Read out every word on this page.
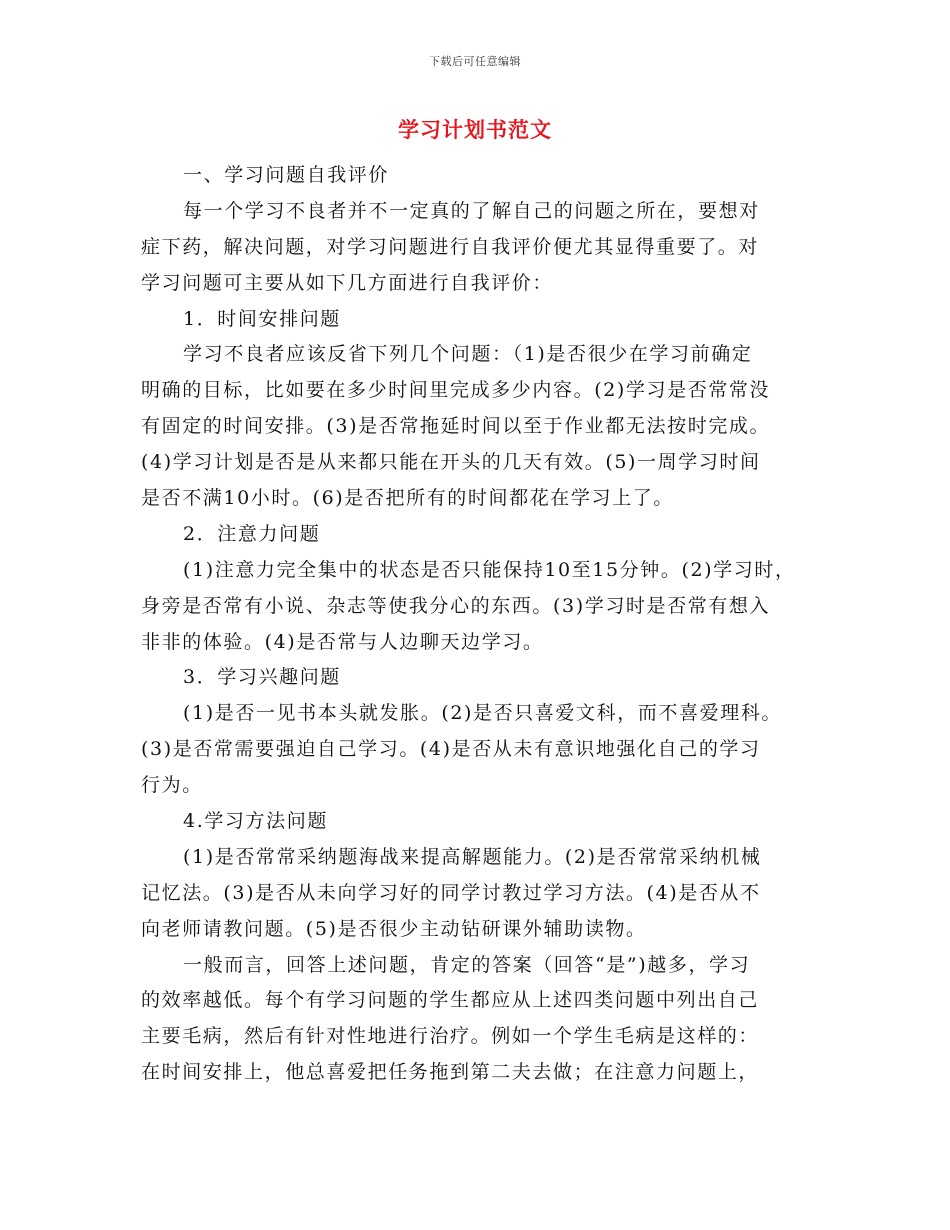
下载后可任意编辑
学习计划书范文
一、学习问题自我评价
每一个学习不良者并不一定真的了解自己的问题之所在，要想对
症下药，解决问题，对学习问题进行自我评价便尤其显得重要了。对
学习问题可主要从如下几方面进行自我评价：
1．时间安排问题
学习不良者应该反省下列几个问题：（1)是否很少在学习前确定
明确的目标，比如要在多少时间里完成多少内容。(2)学习是否常常没
有固定的时间安排。(3)是否常拖延时间以至于作业都无法按时完成。
(4)学习计划是否是从来都只能在开头的几天有效。(5)一周学习时间
是否不满10小时。(6)是否把所有的时间都花在学习上了。
2．注意力问题
(1)注意力完全集中的状态是否只能保持10至15分钟。(2)学习时，
身旁是否常有小说、杂志等使我分心的东西。(3)学习时是否常有想入
非非的体验。(4)是否常与人边聊天边学习。
3．学习兴趣问题
(1)是否一见书本头就发胀。(2)是否只喜爱文科，而不喜爱理科。
(3)是否常需要强迫自己学习。(4)是否从未有意识地强化自己的学习
行为。
4.学习方法问题
(1)是否常常采纳题海战来提高解题能力。(2)是否常常采纳机械
记忆法。(3)是否从未向学习好的同学讨教过学习方法。(4)是否从不
向老师请教问题。(5)是否很少主动钻研课外辅助读物。
一般而言，回答上述问题，肯定的答案（回答“是”)越多，学习
的效率越低。每个有学习问题的学生都应从上述四类问题中列出自己
主要毛病，然后有针对性地进行治疗。例如一个学生毛病是这样的：
在时间安排上，他总喜爱把任务拖到第二夫去做；在注意力问题上，
